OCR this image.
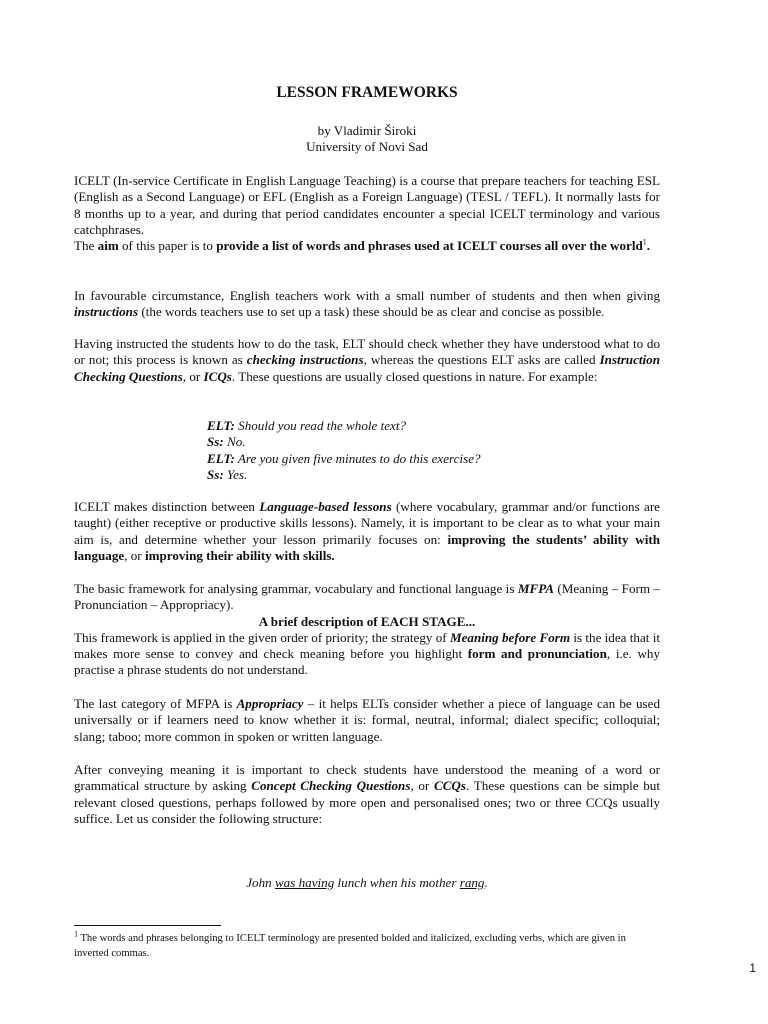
LESSON FRAMEWORKS
by Vladimir Široki
University of Novi Sad

ICELT (In-service Certificate in English Language Teaching) is a course that prepare teachers for teaching ESL (English as a Second Language) or EFL (English as a Foreign Language) (TESL / TEFL). It normally lasts for 8 months up to a year, and during that period candidates encounter a special ICELT terminology and various catchphrases.

The aim of this paper is to provide a list of words and phrases used at ICELT courses all over the world$^1$.

In favourable circumstance, English teachers work with a small number of students and then when giving instructions (the words teachers use to set up a task) these should be as clear and concise as possible.

Having instructed the students how to do the task, ELT should check whether they have understood what to do or not; this process is known as checking instructions, whereas the questions ELT asks are called Instruction Checking Questions, or ICQs. These questions are usually closed questions in nature. For example:

ELT: Should you read the whole text?

Ss: No.

ELT: Are you given five minutes to do this exercise?

Ss: Yes.

ICELT makes distinction between Language-based lessons (where vocabulary, grammar and/or functions are taught) (either receptive or productive skills lessons). Namely, it is important to be clear as to what your main aim is, and determine whether your lesson primarily focuses on: improving the students’ ability with language, or improving their ability with skills.

The basic framework for analysing grammar, vocabulary and functional language is MFPA (Meaning – Form – Pronunciation – Appropriacy).

A brief description of EACH STAGE...

This framework is applied in the given order of priority; the strategy of Meaning before Form is the idea that it makes more sense to convey and check meaning before you highlight form and pronunciation, i.e. why practise a phrase students do not understand.

The last category of MFPA is Appropriacy – it helps ELTs consider whether a piece of language can be used universally or if learners need to know whether it is: formal, neutral, informal; dialect specific; colloquial; slang; taboo; more common in spoken or written language.

After conveying meaning it is important to check students have understood the meaning of a word or grammatical structure by asking Concept Checking Questions, or CCQs. These questions can be simple but relevant closed questions, perhaps followed by more open and personalised ones; two or three CCQs usually suffice. Let us consider the following structure:

John was having lunch when his mother rang.

$^1$ The words and phrases belonging to ICELT terminology are presented bolded and italicized, excluding verbs, which are given in inverted commas.
1
